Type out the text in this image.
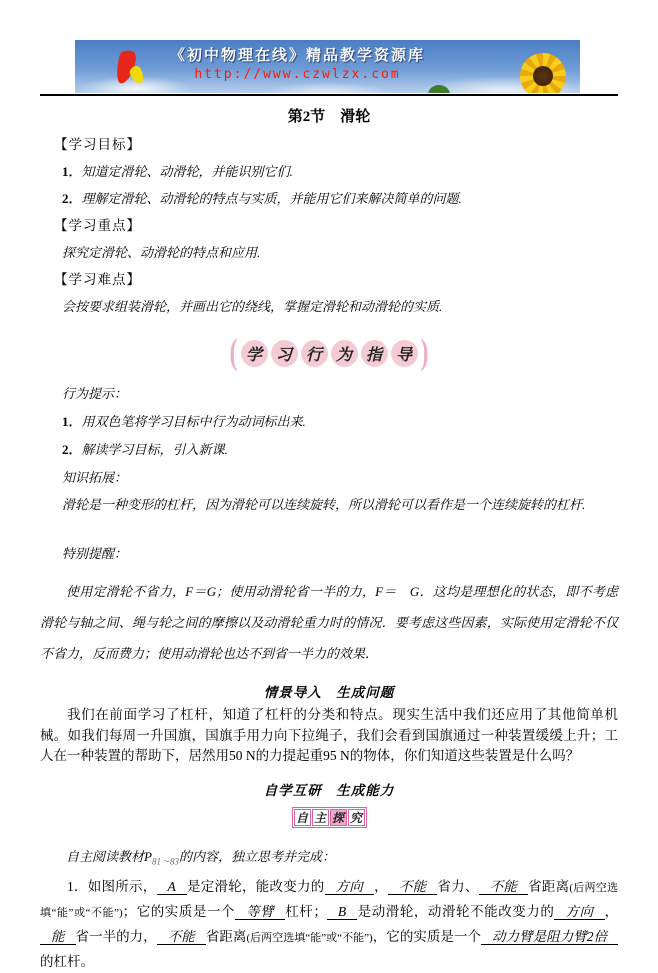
《初中物理在线》精品教学资源库
http://www.czwlzx.com
第2节　滑轮
【学习目标】
1．知道定滑轮、动滑轮，并能识别它们.
2．理解定滑轮、动滑轮的特点与实质，并能用它们来解决简单的问题.
【学习重点】
探究定滑轮、动滑轮的特点和应用.
【学习难点】
会按要求组装滑轮，并画出它的绕线，掌握定滑轮和动滑轮的实质.
( 学 习 行 为 指 导 )
行为提示：
1．用双色笔将学习目标中行为动词标出来.
2．解读学习目标，引入新课.
知识拓展：
滑轮是一种变形的杠杆，因为滑轮可以连续旋转，所以滑轮可以看作是一个连续旋转的杠杆.
特别提醒：
使用定滑轮不省力，F＝G；使用动滑轮省一半的力，F＝　G．这均是理想化的状态，即不考虑滑轮与轴之间、绳与轮之间的摩擦以及动滑轮重力时的情况．要考虑这些因素，实际使用定滑轮不仅不省力，反而费力；使用动滑轮也达不到省一半力的效果．
情景导入　生成问题

我们在前面学习了杠杆，知道了杠杆的分类和特点。现实生活中我们还应用了其他简单机械。如我们每周一升国旗，国旗手用力向下拉绳子，我们会看到国旗通过一种装置缓缓上升；工人在一种装置的帮助下，居然用50 N的力提起重95 N的物体，你们知道这些装置是什么吗？

自学互研　生成能力
自 主 探 究
自主阅读教材$P_{81\sim 83}$的内容，独立思考并完成：

1．如图所示， A 是定滑轮，能改变力的 方向 ， 不能 省力、 不能 省距离(后两空选填“能”或“不能”)；它的实质是一个 等臂 杠杆； B 是动滑轮，动滑轮不能改变力的 方向 ，能 省一半的力， 不能 省距离(后两空选填“能”或“不能”)，它的实质是一个 动力臂是阻力臂2倍的杠杆。
